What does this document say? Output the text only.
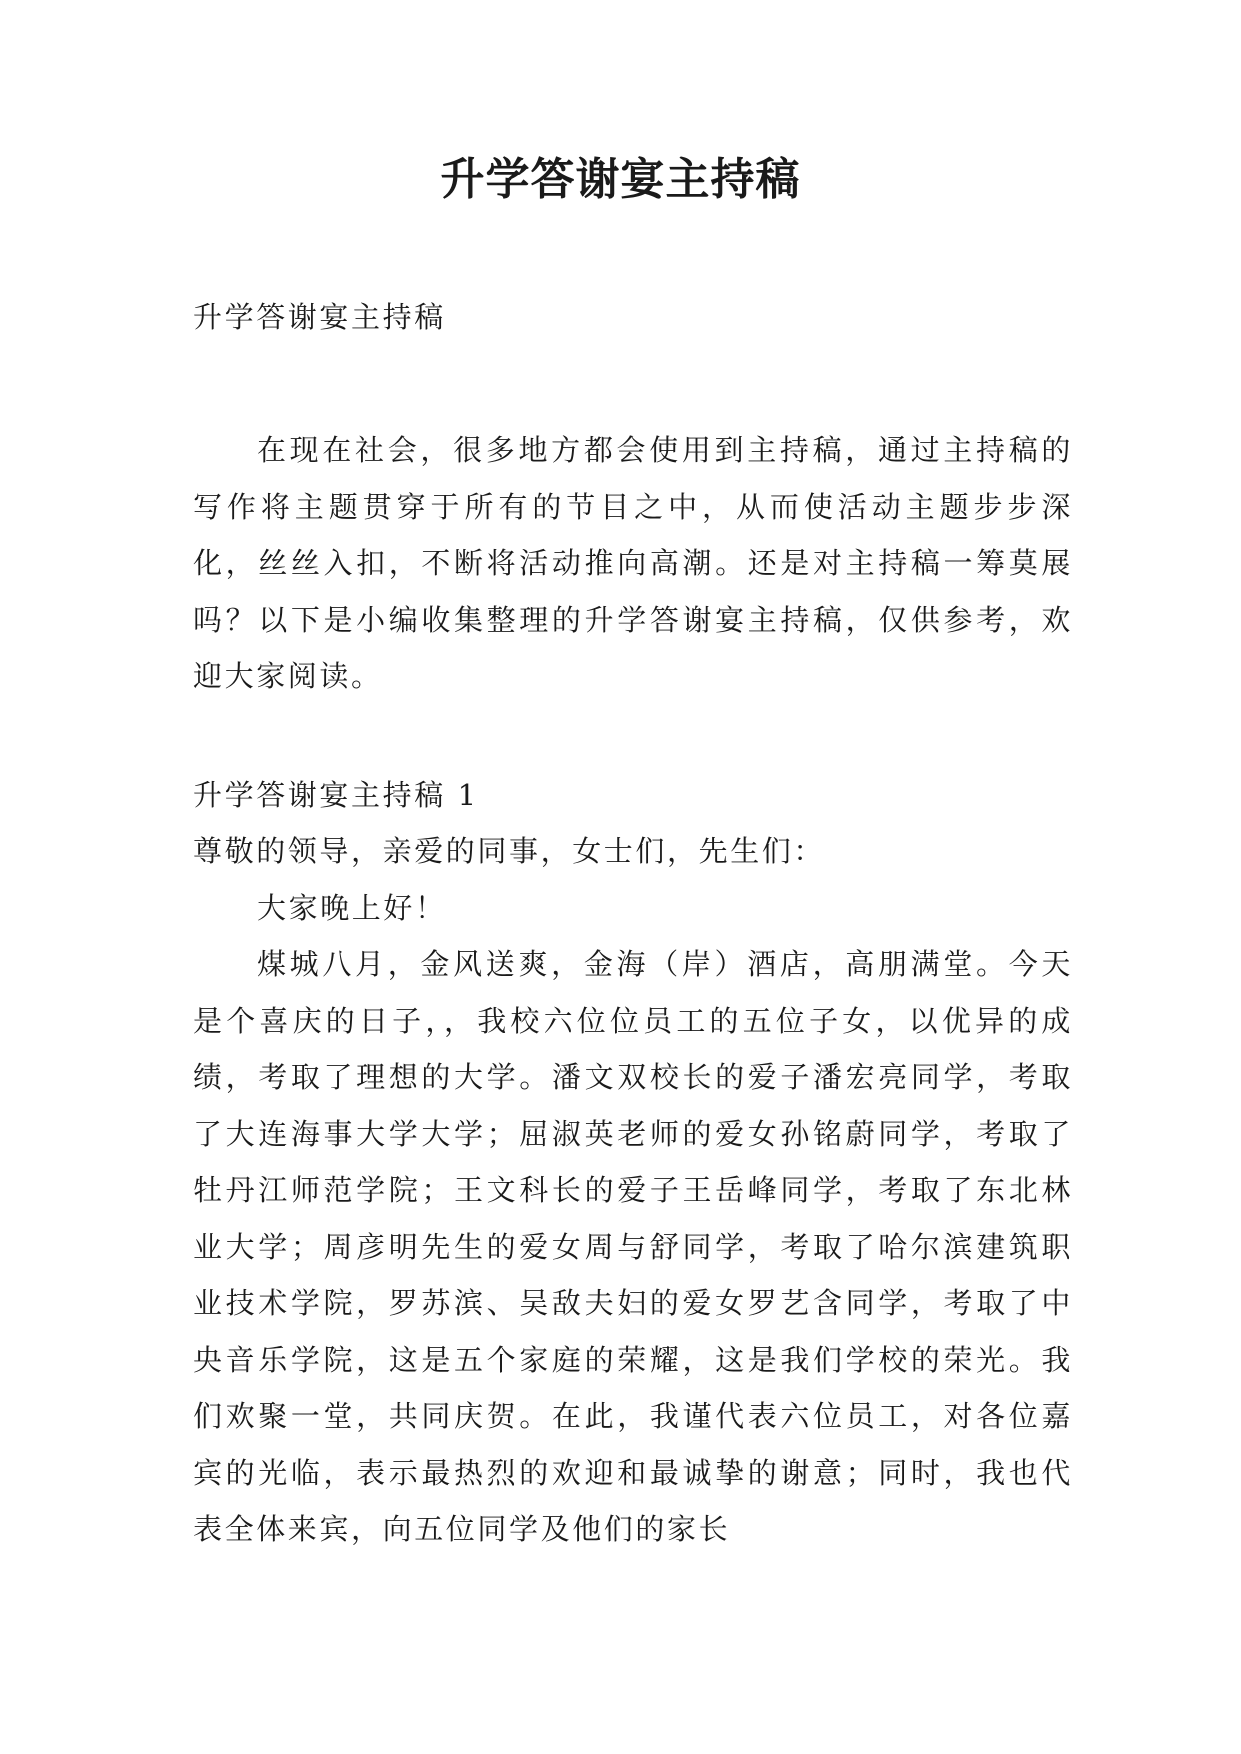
升学答谢宴主持稿

升学答谢宴主持稿

在现在社会，很多地方都会使用到主持稿，通过主持稿的写作将主题贯穿于所有的节目之中，从而使活动主题步步深化，丝丝入扣，不断将活动推向高潮。还是对主持稿一筹莫展吗？以下是小编收集整理的升学答谢宴主持稿，仅供参考，欢迎大家阅读。

升学答谢宴主持稿 1

尊敬的领导，亲爱的同事，女士们，先生们：

大家晚上好！

煤城八月，金风送爽，金海（岸）酒店，高朋满堂。今天是个喜庆的日子，，我校六位位员工的五位子女，以优异的成绩，考取了理想的大学。潘文双校长的爱子潘宏亮同学，考取了大连海事大学大学；屈淑英老师的爱女孙铭蔚同学，考取了牡丹江师范学院；王文科长的爱子王岳峰同学，考取了东北林业大学；周彦明先生的爱女周与舒同学，考取了哈尔滨建筑职业技术学院，罗苏滨、吴敌夫妇的爱女罗艺含同学，考取了中央音乐学院，这是五个家庭的荣耀，这是我们学校的荣光。我们欢聚一堂，共同庆贺。在此，我谨代表六位员工，对各位嘉宾的光临，表示最热烈的欢迎和最诚挚的谢意；同时，我也代表全体来宾，向五位同学及他们的家长
